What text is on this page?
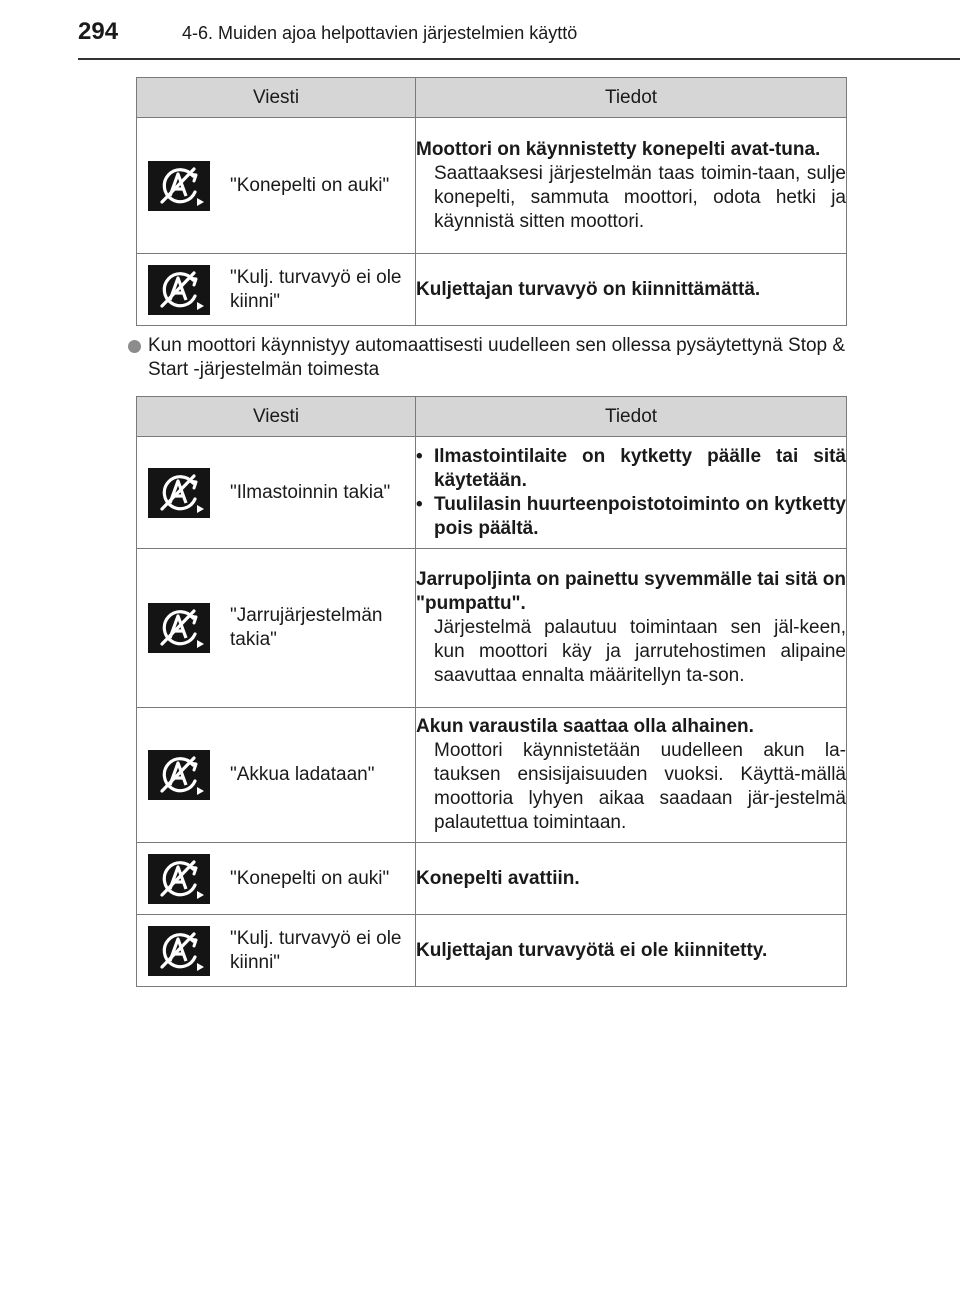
294	4-6. Muiden ajoa helpottavien järjestelmien käyttö
Viesti	Tiedot

"Konepelti on auki"	Moottori on käynnistetty konepelti avat-tuna.
Saattaaksesi järjestelmän taas toimin-taan, sulje konepelti, sammuta moottori, odota hetki ja käynnistä sitten moottori.

"Kulj. turvavyö ei ole kiinni"	Kuljettajan turvavyö on kiinnittämättä.
Kun moottori käynnistyy automaattisesti uudelleen sen ollessa pysäytettynä Stop & Start -järjestelmän toimesta
Viesti	Tiedot

"Ilmastoinnin takia"	• Ilmastointilaite on kytketty päälle tai sitä käytetään.
• Tuulilasin huurteenpoistotoiminto on kytketty pois päältä.

"Jarrujärjestelmän takia"	Jarrupoljinta on painettu syvemmälle tai sitä on "pumpattu".
Järjestelmä palautuu toimintaan sen jäl-keen, kun moottori käy ja jarrutehostimen alipaine saavuttaa ennalta määritellyn ta-son.

"Akkua ladataan"	Akun varaustila saattaa olla alhainen.
Moottori käynnistetään uudelleen akun la-tauksen ensisijaisuuden vuoksi. Käyttä-mällä moottoria lyhyen aikaa saadaan jär-jestelmä palautettua toimintaan.

"Konepelti on auki"	Konepelti avattiin.

"Kulj. turvavyö ei ole kiinni"	Kuljettajan turvavyötä ei ole kiinnitetty.
